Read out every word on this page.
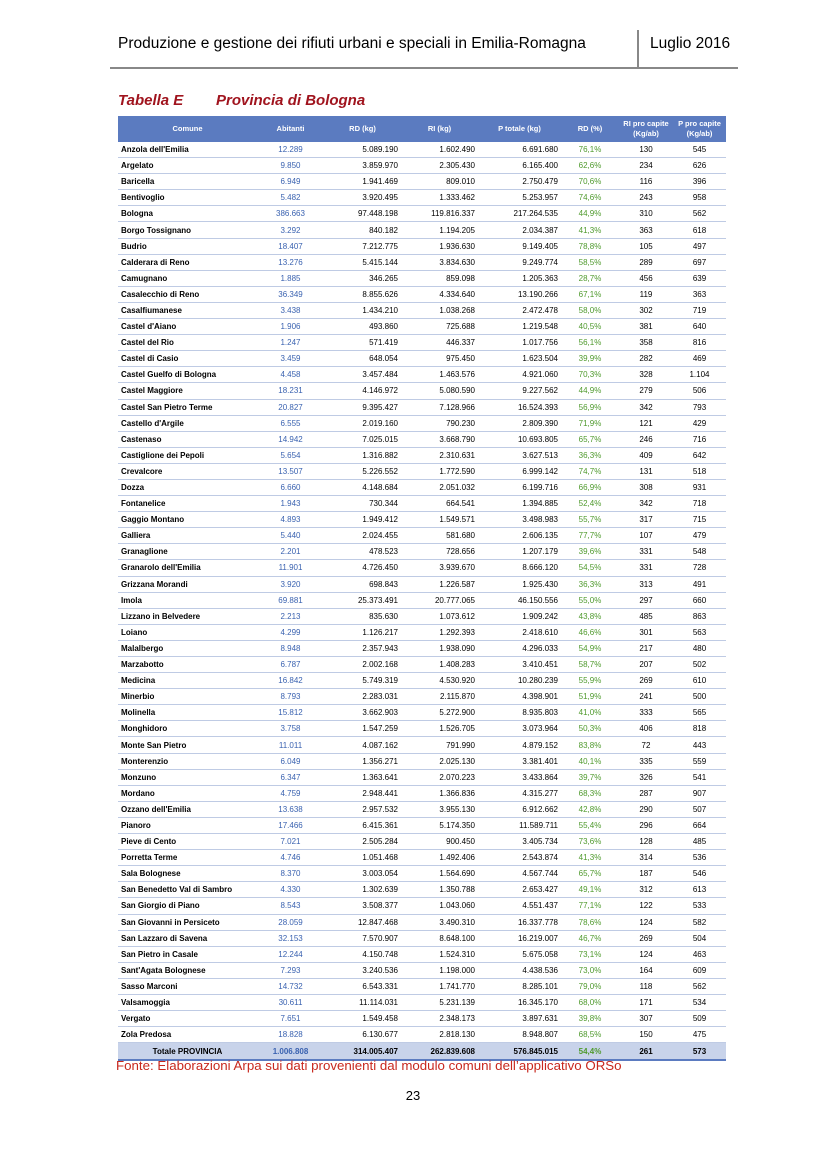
Produzione e gestione dei rifiuti urbani e speciali in Emilia-Romagna	Luglio 2016
Tabella E Provincia di Bologna
Comune	Abitanti	RD (kg)	RI (kg)	P totale (kg)	RD (%)	RI pro capite (Kg/ab)	P pro capite (Kg/ab)
Anzola dell'Emilia	12.289	5.089.190	1.602.490	6.691.680	76,1%	130	545
Argelato	9.850	3.859.970	2.305.430	6.165.400	62,6%	234	626
Baricella	6.949	1.941.469	809.010	2.750.479	70,6%	116	396
Bentivoglio	5.482	3.920.495	1.333.462	5.253.957	74,6%	243	958
Bologna	386.663	97.448.198	119.816.337	217.264.535	44,9%	310	562
Borgo Tossignano	3.292	840.182	1.194.205	2.034.387	41,3%	363	618
Budrio	18.407	7.212.775	1.936.630	9.149.405	78,8%	105	497
Calderara di Reno	13.276	5.415.144	3.834.630	9.249.774	58,5%	289	697
Camugnano	1.885	346.265	859.098	1.205.363	28,7%	456	639
Casalecchio di Reno	36.349	8.855.626	4.334.640	13.190.266	67,1%	119	363
Casalfiumanese	3.438	1.434.210	1.038.268	2.472.478	58,0%	302	719
Castel d'Aiano	1.906	493.860	725.688	1.219.548	40,5%	381	640
Castel del Rio	1.247	571.419	446.337	1.017.756	56,1%	358	816
Castel di Casio	3.459	648.054	975.450	1.623.504	39,9%	282	469
Castel Guelfo di Bologna	4.458	3.457.484	1.463.576	4.921.060	70,3%	328	1.104
Castel Maggiore	18.231	4.146.972	5.080.590	9.227.562	44,9%	279	506
Castel San Pietro Terme	20.827	9.395.427	7.128.966	16.524.393	56,9%	342	793
Castello d'Argile	6.555	2.019.160	790.230	2.809.390	71,9%	121	429
Castenaso	14.942	7.025.015	3.668.790	10.693.805	65,7%	246	716
Castiglione dei Pepoli	5.654	1.316.882	2.310.631	3.627.513	36,3%	409	642
Crevalcore	13.507	5.226.552	1.772.590	6.999.142	74,7%	131	518
Dozza	6.660	4.148.684	2.051.032	6.199.716	66,9%	308	931
Fontanelice	1.943	730.344	664.541	1.394.885	52,4%	342	718
Gaggio Montano	4.893	1.949.412	1.549.571	3.498.983	55,7%	317	715
Galliera	5.440	2.024.455	581.680	2.606.135	77,7%	107	479
Granaglione	2.201	478.523	728.656	1.207.179	39,6%	331	548
Granarolo dell'Emilia	11.901	4.726.450	3.939.670	8.666.120	54,5%	331	728
Grizzana Morandi	3.920	698.843	1.226.587	1.925.430	36,3%	313	491
Imola	69.881	25.373.491	20.777.065	46.150.556	55,0%	297	660
Lizzano in Belvedere	2.213	835.630	1.073.612	1.909.242	43,8%	485	863
Loiano	4.299	1.126.217	1.292.393	2.418.610	46,6%	301	563
Malalbergo	8.948	2.357.943	1.938.090	4.296.033	54,9%	217	480
Marzabotto	6.787	2.002.168	1.408.283	3.410.451	58,7%	207	502
Medicina	16.842	5.749.319	4.530.920	10.280.239	55,9%	269	610
Minerbio	8.793	2.283.031	2.115.870	4.398.901	51,9%	241	500
Molinella	15.812	3.662.903	5.272.900	8.935.803	41,0%	333	565
Monghidoro	3.758	1.547.259	1.526.705	3.073.964	50,3%	406	818
Monte San Pietro	11.011	4.087.162	791.990	4.879.152	83,8%	72	443
Monterenzio	6.049	1.356.271	2.025.130	3.381.401	40,1%	335	559
Monzuno	6.347	1.363.641	2.070.223	3.433.864	39,7%	326	541
Mordano	4.759	2.948.441	1.366.836	4.315.277	68,3%	287	907
Ozzano dell'Emilia	13.638	2.957.532	3.955.130	6.912.662	42,8%	290	507
Pianoro	17.466	6.415.361	5.174.350	11.589.711	55,4%	296	664
Pieve di Cento	7.021	2.505.284	900.450	3.405.734	73,6%	128	485
Porretta Terme	4.746	1.051.468	1.492.406	2.543.874	41,3%	314	536
Sala Bolognese	8.370	3.003.054	1.564.690	4.567.744	65,7%	187	546
San Benedetto Val di Sambro	4.330	1.302.639	1.350.788	2.653.427	49,1%	312	613
San Giorgio di Piano	8.543	3.508.377	1.043.060	4.551.437	77,1%	122	533
San Giovanni in Persiceto	28.059	12.847.468	3.490.310	16.337.778	78,6%	124	582
San Lazzaro di Savena	32.153	7.570.907	8.648.100	16.219.007	46,7%	269	504
San Pietro in Casale	12.244	4.150.748	1.524.310	5.675.058	73,1%	124	463
Sant'Agata Bolognese	7.293	3.240.536	1.198.000	4.438.536	73,0%	164	609
Sasso Marconi	14.732	6.543.331	1.741.770	8.285.101	79,0%	118	562
Valsamoggia	30.611	11.114.031	5.231.139	16.345.170	68,0%	171	534
Vergato	7.651	1.549.458	2.348.173	3.897.631	39,8%	307	509
Zola Predosa	18.828	6.130.677	2.818.130	8.948.807	68,5%	150	475
Totale PROVINCIA	1.006.808	314.005.407	262.839.608	576.845.015	54,4%	261	573
Fonte: Elaborazioni Arpa sui dati provenienti dal modulo comuni dell’applicativo ORSo
23
